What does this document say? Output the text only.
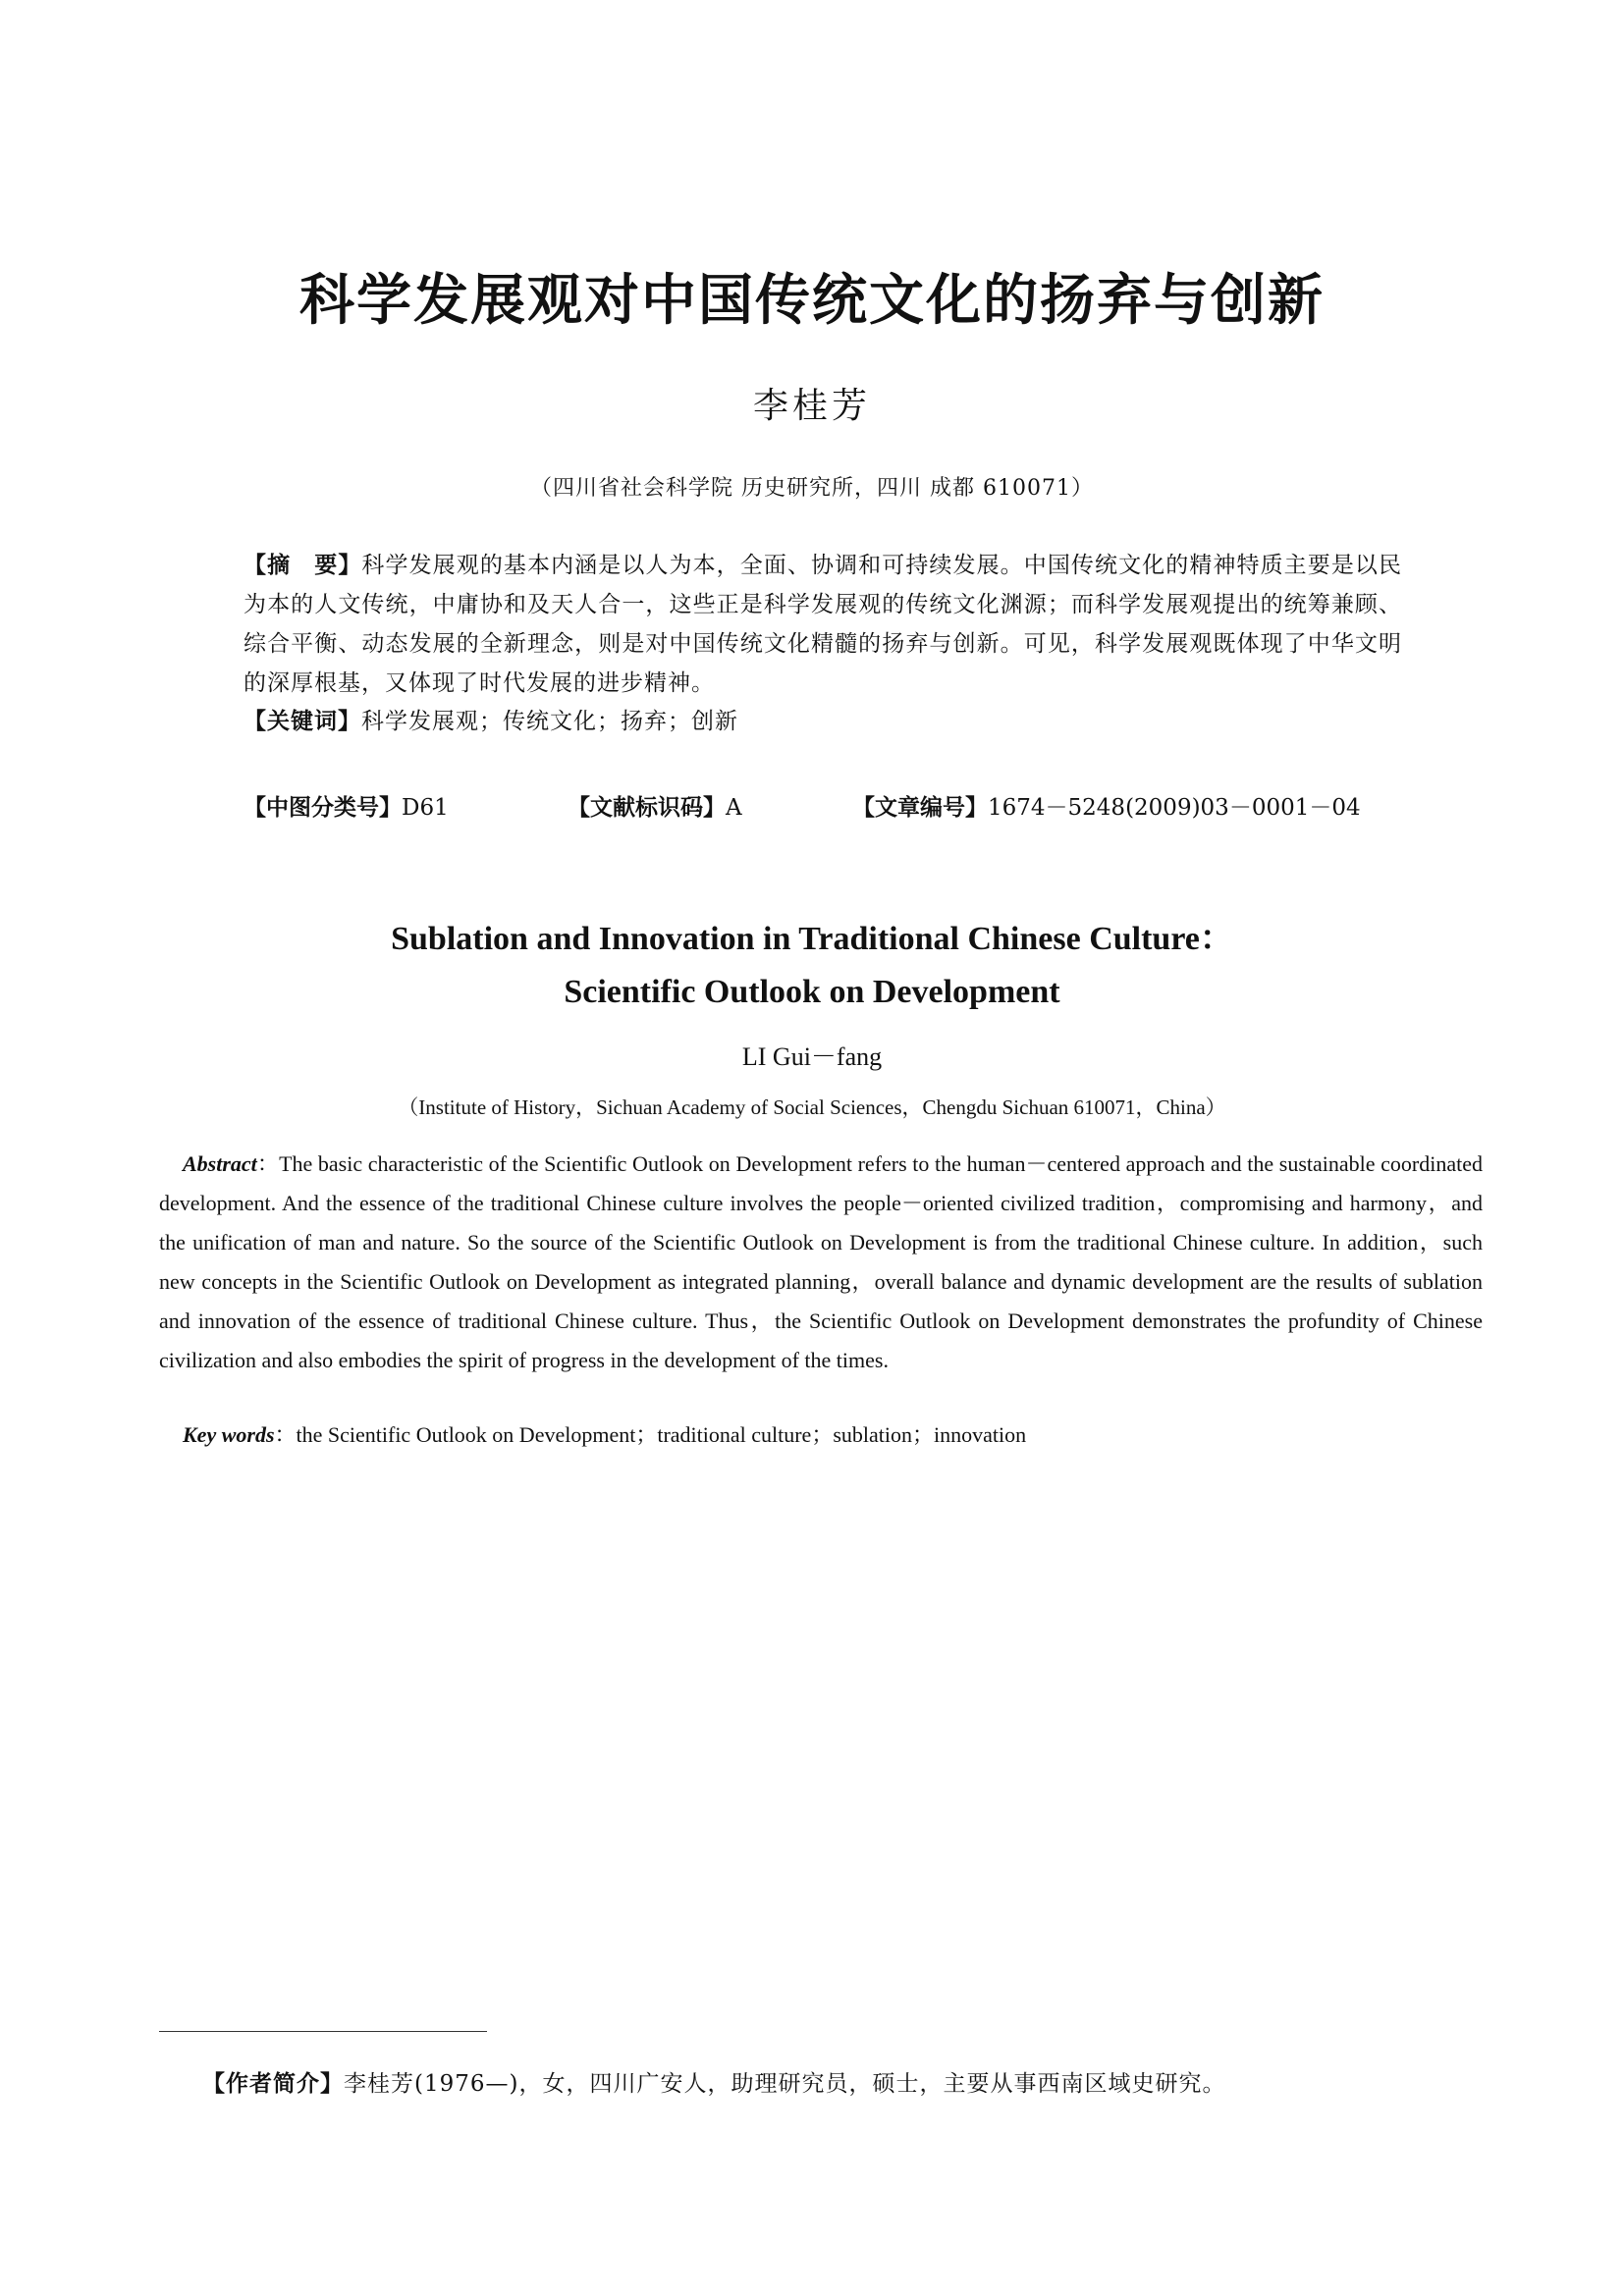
科学发展观对中国传统文化的扬弃与创新
李桂芳
（四川省社会科学院 历史研究所，四川 成都 610071）
【摘　要】科学发展观的基本内涵是以人为本，全面、协调和可持续发展。中国传统文化的精神特质主要是以民为本的人文传统，中庸协和及天人合一，这些正是科学发展观的传统文化渊源；而科学发展观提出的统筹兼顾、综合平衡、动态发展的全新理念，则是对中国传统文化精髓的扬弃与创新。可见，科学发展观既体现了中华文明的深厚根基，又体现了时代发展的进步精神。
【关键词】科学发展观；传统文化；扬弃；创新
【中图分类号】D61	【文献标识码】A	【文章编号】1674－5248(2009)03－0001－04
Sublation and Innovation in Traditional Chinese Culture：
Scientific Outlook on Development
LI Gui－fang
（Institute of History，Sichuan Academy of Social Sciences，Chengdu Sichuan 610071，China）
Abstract：The basic characteristic of the Scientific Outlook on Development refers to the human－centered approach and the sustainable coordinated development. And the essence of the traditional Chinese culture involves the people－oriented civilized tradition，compromising and harmony，and the unification of man and nature. So the source of the Scientific Outlook on Development is from the traditional Chinese culture. In addition，such new concepts in the Scientific Outlook on Development as integrated planning，overall balance and dynamic development are the results of sublation and innovation of the essence of traditional Chinese culture. Thus，the Scientific Outlook on Development demonstrates the profundity of Chinese civilization and also embodies the spirit of progress in the development of the times.
Key words：the Scientific Outlook on Development；traditional culture；sublation；innovation
【作者简介】李桂芳(1976—)，女，四川广安人，助理研究员，硕士，主要从事西南区域史研究。
